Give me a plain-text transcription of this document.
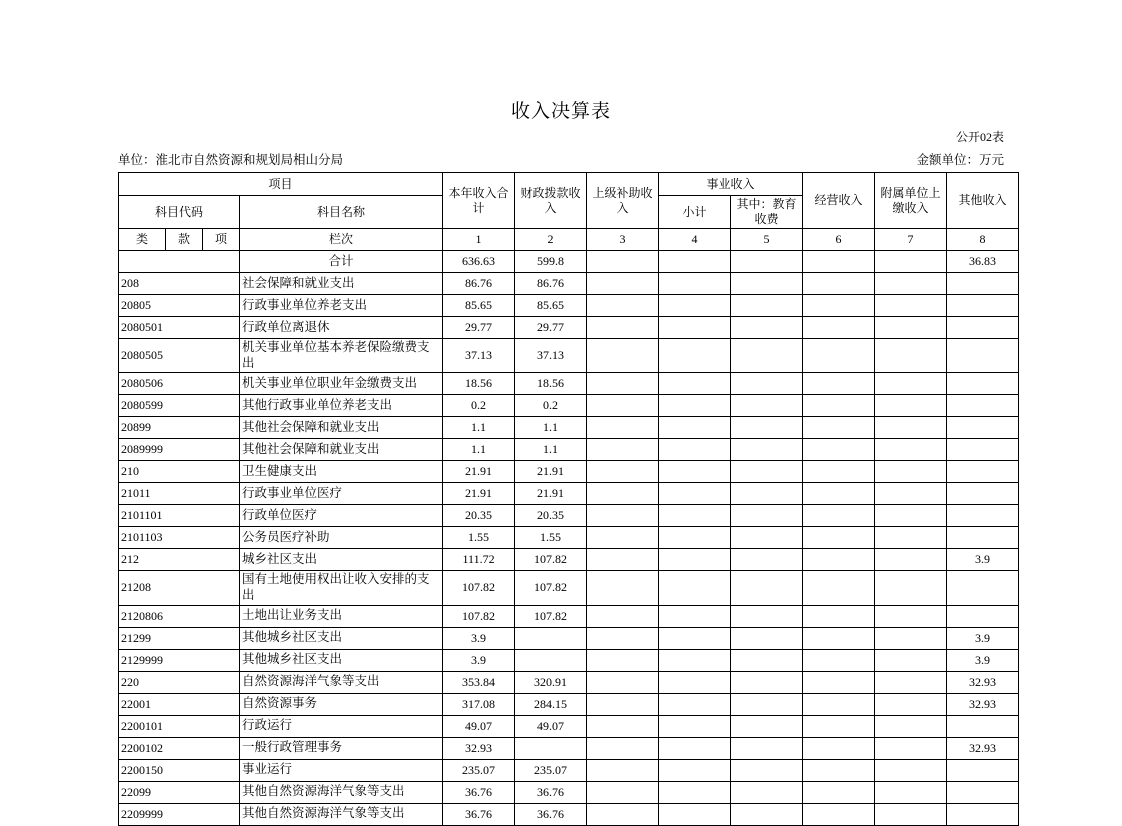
收入决算表
公开02表
单位：淮北市自然资源和规划局相山分局	金额单位：万元
项目				本年收入合计	财政拨款收入	上级补助收入	事业收入		经营收入	附属单位上缴收入	其他收入
科目代码			科目名称				小计	其中：教育收费			
类	款	项	栏次	1	2	3	4	5	6	7	8
			合计	636.63	599.8						36.83
208			社会保障和就业支出	86.76	86.76						
20805			行政事业单位养老支出	85.65	85.65						
2080501			行政单位离退休	29.77	29.77						
2080505			机关事业单位基本养老保险缴费支出	37.13	37.13						
2080506			机关事业单位职业年金缴费支出	18.56	18.56						
2080599			其他行政事业单位养老支出	0.2	0.2						
20899			其他社会保障和就业支出	1.1	1.1						
2089999			其他社会保障和就业支出	1.1	1.1						
210			卫生健康支出	21.91	21.91						
21011			行政事业单位医疗	21.91	21.91						
2101101			行政单位医疗	20.35	20.35						
2101103			公务员医疗补助	1.55	1.55						
212			城乡社区支出	111.72	107.82						3.9
21208			国有土地使用权出让收入安排的支出	107.82	107.82						
2120806			土地出让业务支出	107.82	107.82						
21299			其他城乡社区支出	3.9							3.9
2129999			其他城乡社区支出	3.9							3.9
220			自然资源海洋气象等支出	353.84	320.91						32.93
22001			自然资源事务	317.08	284.15						32.93
2200101			行政运行	49.07	49.07						
2200102			一般行政管理事务	32.93							32.93
2200150			事业运行	235.07	235.07						
22099			其他自然资源海洋气象等支出	36.76	36.76						
2209999			其他自然资源海洋气象等支出	36.76	36.76						
